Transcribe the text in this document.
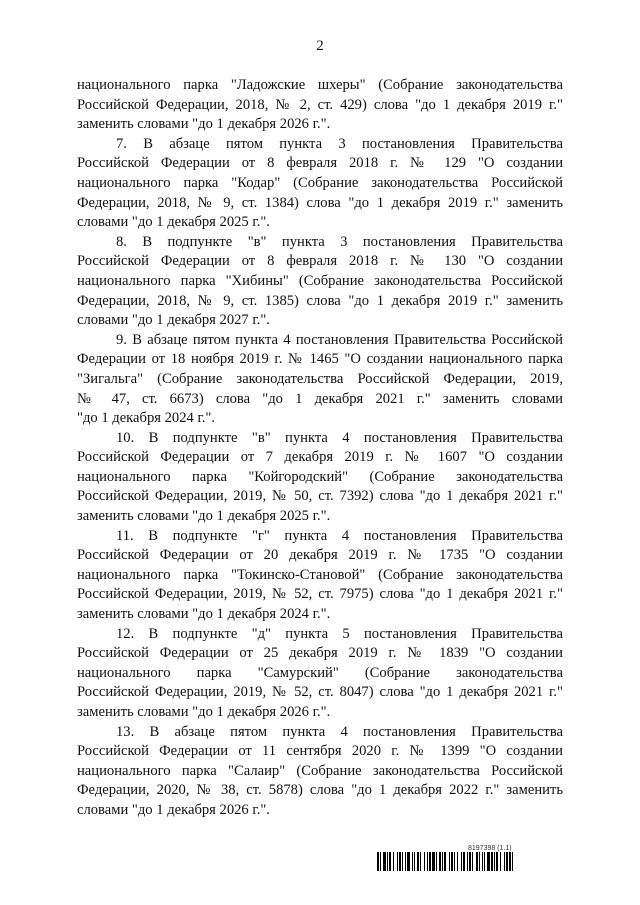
2
национального парка "Ладожские шхеры" (Собрание законодательства
Российской Федерации, 2018, № 2, ст. 429) слова "до 1 декабря 2019 г."
заменить словами "до 1 декабря 2026 г.".
7. В абзаце пятом пункта 3 постановления Правительства
Российской Федерации от 8 февраля 2018 г. № 129 "О создании
национального парка "Кодар" (Собрание законодательства Российской
Федерации, 2018, № 9, ст. 1384) слова "до 1 декабря 2019 г." заменить
словами "до 1 декабря 2025 г.".
8. В подпункте "в" пункта 3 постановления Правительства
Российской Федерации от 8 февраля 2018 г. № 130 "О создании
национального парка "Хибины" (Собрание законодательства Российской
Федерации, 2018, № 9, ст. 1385) слова "до 1 декабря 2019 г." заменить
словами "до 1 декабря 2027 г.".
9. В абзаце пятом пункта 4 постановления Правительства Российской
Федерации от 18 ноября 2019 г. № 1465 "О создании национального парка
"Зигальга" (Собрание законодательства Российской Федерации, 2019,
№ 47, ст. 6673) слова "до 1 декабря 2021 г." заменить словами
"до 1 декабря 2024 г.".
10. В подпункте "в" пункта 4 постановления Правительства
Российской Федерации от 7 декабря 2019 г. № 1607 "О создании
национального парка "Койгородский" (Собрание законодательства
Российской Федерации, 2019, № 50, ст. 7392) слова "до 1 декабря 2021 г."
заменить словами "до 1 декабря 2025 г.".
11. В подпункте "г" пункта 4 постановления Правительства
Российской Федерации от 20 декабря 2019 г. № 1735 "О создании
национального парка "Токинско-Становой" (Собрание законодательства
Российской Федерации, 2019, № 52, ст. 7975) слова "до 1 декабря 2021 г."
заменить словами "до 1 декабря 2024 г.".
12. В подпункте "д" пункта 5 постановления Правительства
Российской Федерации от 25 декабря 2019 г. № 1839 "О создании
национального парка "Самурский" (Собрание законодательства
Российской Федерации, 2019, № 52, ст. 8047) слова "до 1 декабря 2021 г."
заменить словами "до 1 декабря 2026 г.".
13. В абзаце пятом пункта 4 постановления Правительства
Российской Федерации от 11 сентября 2020 г. № 1399 "О создании
национального парка "Салаир" (Собрание законодательства Российской
Федерации, 2020, № 38, ст. 5878) слова "до 1 декабря 2022 г." заменить
словами "до 1 декабря 2026 г.".
8197398 (1.1)
